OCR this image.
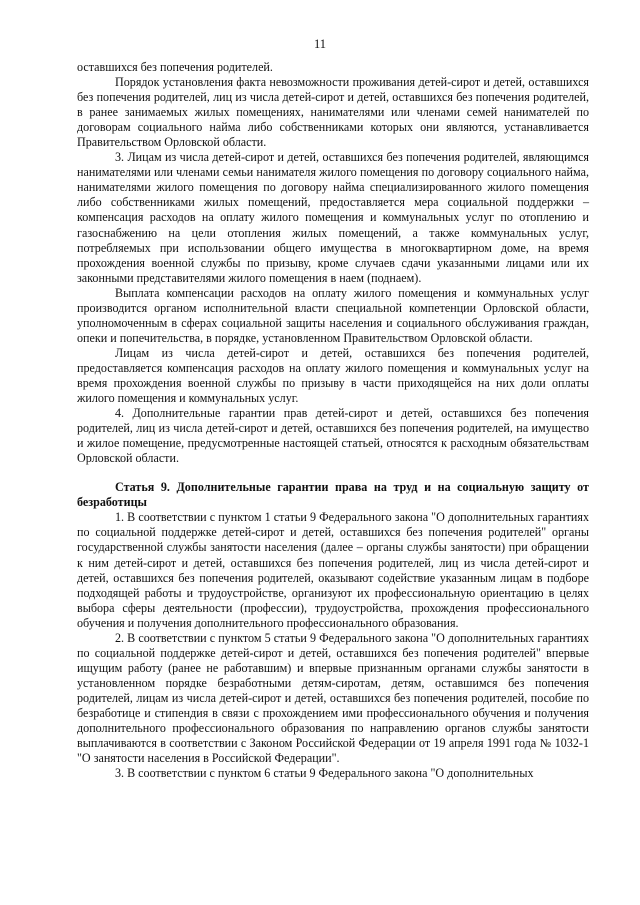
11

оставшихся без попечения родителей.

Порядок установления факта невозможности проживания детей-сирот и детей, оставшихся без попечения родителей, лиц из числа детей-сирот и детей, оставшихся без попечения родителей, в ранее занимаемых жилых помещениях, нанимателями или членами семей нанимателей по договорам социального найма либо собственниками которых они являются, устанавливается Правительством Орловской области.

3. Лицам из числа детей-сирот и детей, оставшихся без попечения родителей, являющимся нанимателями или членами семьи нанимателя жилого помещения по договору социального найма, нанимателями жилого помещения по договору найма специализированного жилого помещения либо собственниками жилых помещений, предоставляется мера социальной поддержки – компенсация расходов на оплату жилого помещения и коммунальных услуг по отоплению и газоснабжению на цели отопления жилых помещений, а также коммунальных услуг, потребляемых при использовании общего имущества в многоквартирном доме, на время прохождения военной службы по призыву, кроме случаев сдачи указанными лицами или их законными представителями жилого помещения в наем (поднаем).

Выплата компенсации расходов на оплату жилого помещения и коммунальных услуг производится органом исполнительной власти специальной компетенции Орловской области, уполномоченным в сферах социальной защиты населения и социального обслуживания граждан, опеки и попечительства, в порядке, установленном Правительством Орловской области.

Лицам из числа детей-сирот и детей, оставшихся без попечения родителей, предоставляется компенсация расходов на оплату жилого помещения и коммунальных услуг на время прохождения военной службы по призыву в части приходящейся на них доли оплаты жилого помещения и коммунальных услуг.

4. Дополнительные гарантии прав детей-сирот и детей, оставшихся без попечения родителей, лиц из числа детей-сирот и детей, оставшихся без попечения родителей, на имущество и жилое помещение, предусмотренные настоящей статьей, относятся к расходным обязательствам Орловской области.

Статья 9. Дополнительные гарантии права на труд и на социальную защиту от безработицы

1. В соответствии с пунктом 1 статьи 9 Федерального закона "О дополнительных гарантиях по социальной поддержке детей-сирот и детей, оставшихся без попечения родителей" органы государственной службы занятости населения (далее – органы службы занятости) при обращении к ним детей-сирот и детей, оставшихся без попечения родителей, лиц из числа детей-сирот и детей, оставшихся без попечения родителей, оказывают содействие указанным лицам в подборе подходящей работы и трудоустройстве, организуют их профессиональную ориентацию в целях выбора сферы деятельности (профессии), трудоустройства, прохождения профессионального обучения и получения дополнительного профессионального образования.

2. В соответствии с пунктом 5 статьи 9 Федерального закона "О дополнительных гарантиях по социальной поддержке детей-сирот и детей, оставшихся без попечения родителей" впервые ищущим работу (ранее не работавшим) и впервые признанным органами службы занятости в установленном порядке безработными детям-сиротам, детям, оставшимся без попечения родителей, лицам из числа детей-сирот и детей, оставшихся без попечения родителей, пособие по безработице и стипендия в связи с прохождением ими профессионального обучения и получения дополнительного профессионального образования по направлению органов службы занятости выплачиваются в соответствии с Законом Российской Федерации от 19 апреля 1991 года № 1032-1 "О занятости населения в Российской Федерации".

3. В соответствии с пунктом 6 статьи 9 Федерального закона "О дополнительных
